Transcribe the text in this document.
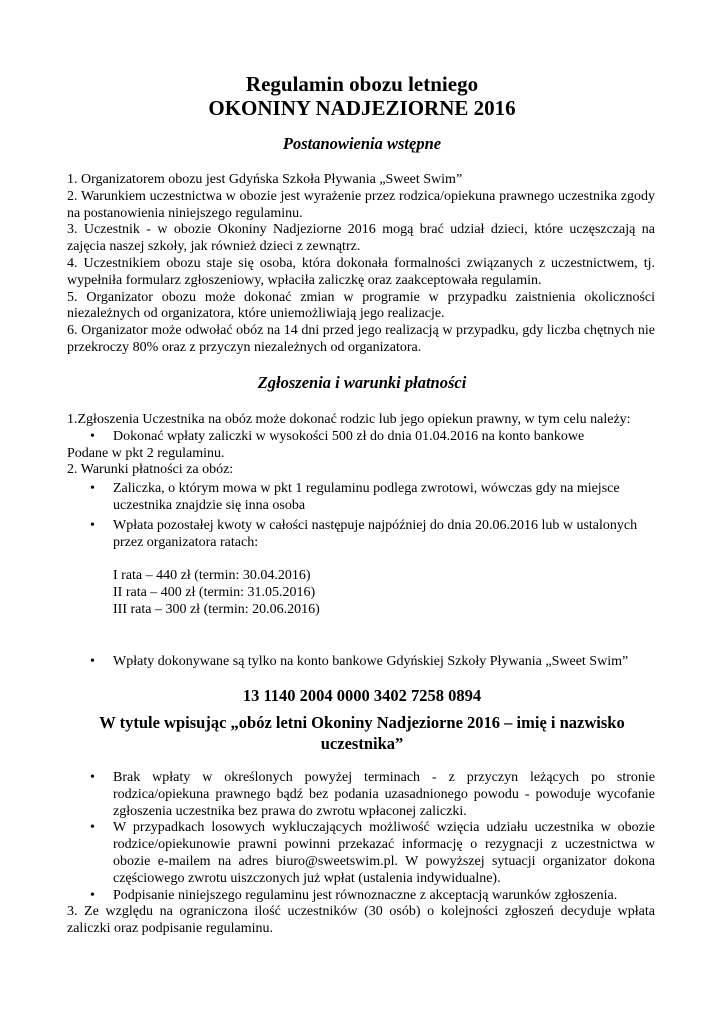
Regulamin obozu letniego
OKONINY NADJEZIORNE 2016
Postanowienia wstępne

1. Organizatorem obozu jest Gdyńska Szkoła Pływania „Sweet Swim”

2. Warunkiem uczestnictwa w obozie jest wyrażenie przez rodzica/opiekuna prawnego uczestnika zgody na postanowienia niniejszego regulaminu.

3. Uczestnik - w obozie Okoniny Nadjeziorne 2016 mogą brać udział dzieci, które uczęszczają na zajęcia naszej szkoły, jak również dzieci z zewnątrz.

4. Uczestnikiem obozu staje się osoba, która dokonała formalności związanych z uczestnictwem, tj. wypełniła formularz zgłoszeniowy, wpłaciła zaliczkę oraz zaakceptowała regulamin.

5. Organizator obozu może dokonać zmian w programie w przypadku zaistnienia okoliczności niezależnych od organizatora, które uniemożliwiają jego realizacje.

6. Organizator może odwołać obóz na 14 dni przed jego realizacją w przypadku, gdy liczba chętnych nie przekroczy 80% oraz z przyczyn niezależnych od organizatora.

Zgłoszenia i warunki płatności

1.Zgłoszenia Uczestnika na obóz może dokonać rodzic lub jego opiekun prawny, w tym celu należy:

• Dokonać wpłaty zaliczki w wysokości 500 zł do dnia 01.04.2016 na konto bankowe

Podane w pkt 2 regulaminu.

2. Warunki płatności za obóz:

• Zaliczka, o którym mowa w pkt 1 regulaminu podlega zwrotowi, wówczas gdy na miejsce uczestnika znajdzie się inna osoba
• Wpłata pozostałej kwoty w całości następuje najpóźniej do dnia 20.06.2016 lub w ustalonych przez organizatora ratach:

I rata – 440 zł (termin: 30.04.2016)

II rata – 400 zł (termin: 31.05.2016)

III rata – 300 zł (termin: 20.06.2016)

• Wpłaty dokonywane są tylko na konto bankowe Gdyńskiej Szkoły Pływania „Sweet Swim”
13 1140 2004 0000 3402 7258 0894
W tytule wpisując „obóz letni Okoniny Nadjeziorne 2016 – imię i nazwisko uczestnika”
• Brak wpłaty w określonych powyżej terminach - z przyczyn leżących po stronie rodzica/opiekuna prawnego bądź bez podania uzasadnionego powodu - powoduje wycofanie zgłoszenia uczestnika bez prawa do zwrotu wpłaconej zaliczki.
• W przypadkach losowych wykluczających możliwość wzięcia udziału uczestnika w obozie rodzice/opiekunowie prawni powinni przekazać informację o rezygnacji z uczestnictwa w obozie e-mailem na adres biuro@sweetswim.pl. W powyższej sytuacji organizator dokona częściowego zwrotu uiszczonych już wpłat (ustalenia indywidualne).
• Podpisanie niniejszego regulaminu jest równoznaczne z akceptacją warunków zgłoszenia.

3. Ze względu na ograniczona ilość uczestników (30 osób) o kolejności zgłoszeń decyduje wpłata zaliczki oraz podpisanie regulaminu.
